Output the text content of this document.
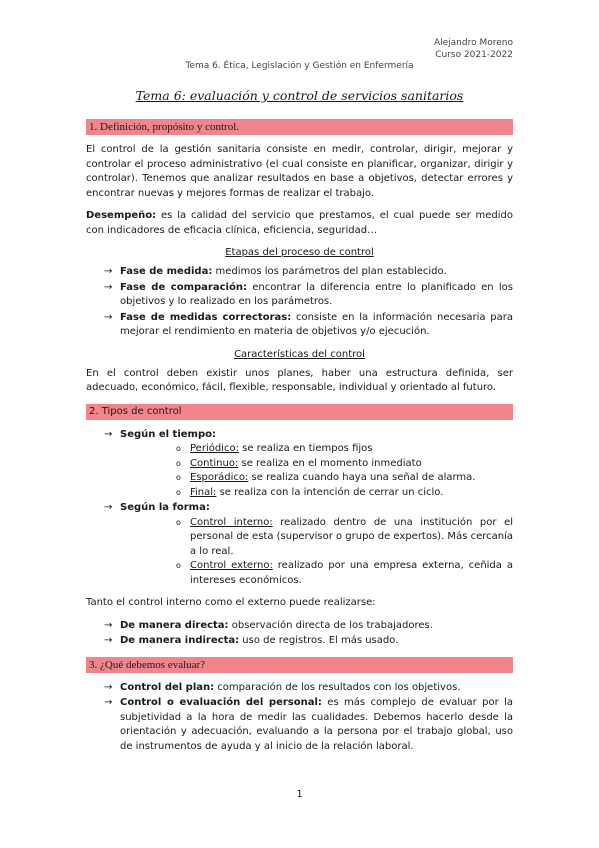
Alejandro Moreno
Curso 2021-2022
Tema 6. Ética, Legislación y Gestión en Enfermería
Tema 6: evaluación y control de servicios sanitarios
1. Definición, propósito y control.

El control de la gestión sanitaria consiste en medir, controlar, dirigir, mejorar y controlar el proceso administrativo (el cual consiste en planificar, organizar, dirigir y controlar). Tenemos que analizar resultados en base a objetivos, detectar errores y encontrar nuevas y mejores formas de realizar el trabajo.

Desempeño: es la calidad del servicio que prestamos, el cual puede ser medido con indicadores de eficacia clínica, eficiencia, seguridad…

Etapas del proceso de control
→ Fase de medida: medimos los parámetros del plan establecido.
→ Fase de comparación: encontrar la diferencia entre lo planificado en los objetivos y lo realizado en los parámetros.
→ Fase de medidas correctoras: consiste en la información necesaria para mejorar el rendimiento en materia de objetivos y/o ejecución.
Características del control

En el control deben existir unos planes, haber una estructura definida, ser adecuado, económico, fácil, flexible, responsable, individual y orientado al futuro.

2. Tipos de control
→ Según el tiempo:
o Periódico: se realiza en tiempos fijos
o Continuo: se realiza en el momento inmediato
o Esporádico: se realiza cuando haya una señal de alarma.
o Final: se realiza con la intención de cerrar un ciclo.
→ Según la forma:
o Control interno: realizado dentro de una institución por el personal de esta (supervisor o grupo de expertos). Más cercanía a lo real.
o Control externo: realizado por una empresa externa, ceñida a intereses económicos.

Tanto el control interno como el externo puede realizarse:

→ De manera directa: observación directa de los trabajadores.
→ De manera indirecta: uso de registros. El más usado.
3. ¿Qué debemos evaluar?
→ Control del plan: comparación de los resultados con los objetivos.
→ Control o evaluación del personal: es más complejo de evaluar por la subjetividad a la hora de medir las cualidades. Debemos hacerlo desde la orientación y adecuación, evaluando a la persona por el trabajo global, uso de instrumentos de ayuda y al inicio de la relación laboral.
1
